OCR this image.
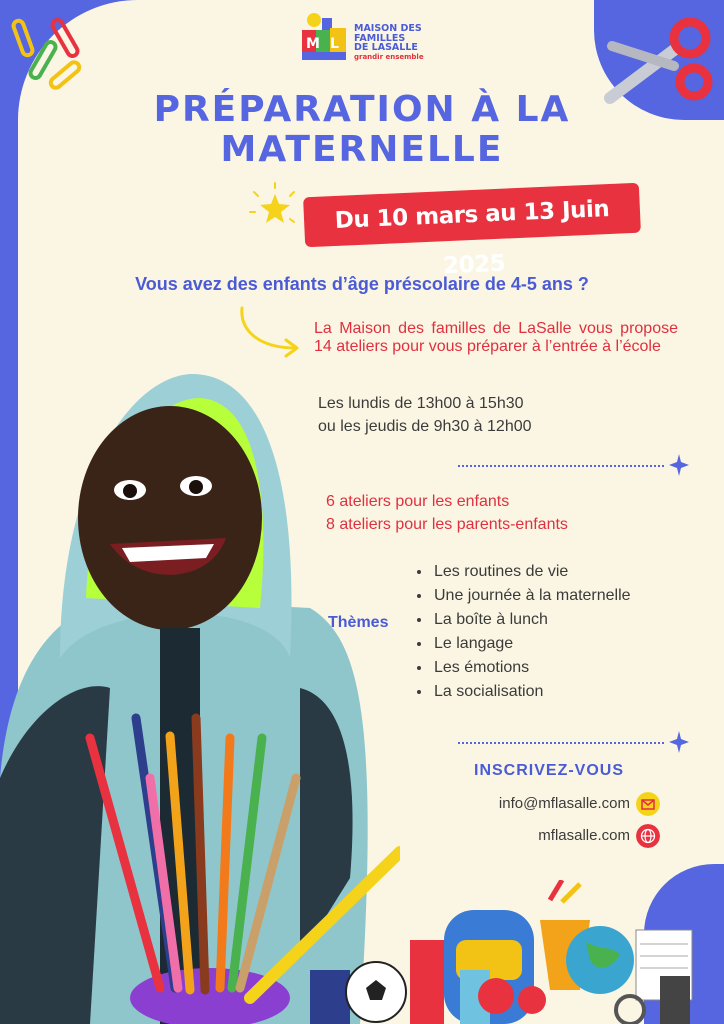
M L
MAISON DES
FAMILLES
DE LASALLE
grandir ensemble
PRÉPARATION À LA
MATERNELLE
Du 10 mars au 13 Juin 2025
Vous avez des enfants d’âge préscolaire de 4-5 ans ?
La Maison des familles de LaSalle vous propose 14 ateliers pour vous préparer à l’entrée à l’école
Les lundis de 13h00 à 15h30
ou les jeudis de 9h30 à 12h00
6 ateliers pour les enfants
8 ateliers pour les parents-enfants
Thèmes
• Les routines de vie
• Une journée à la maternelle
• La boîte à lunch
• Le langage
• Les émotions
• La socialisation
INSCRIVEZ-VOUS
info@mflasalle.com
mflasalle.com
